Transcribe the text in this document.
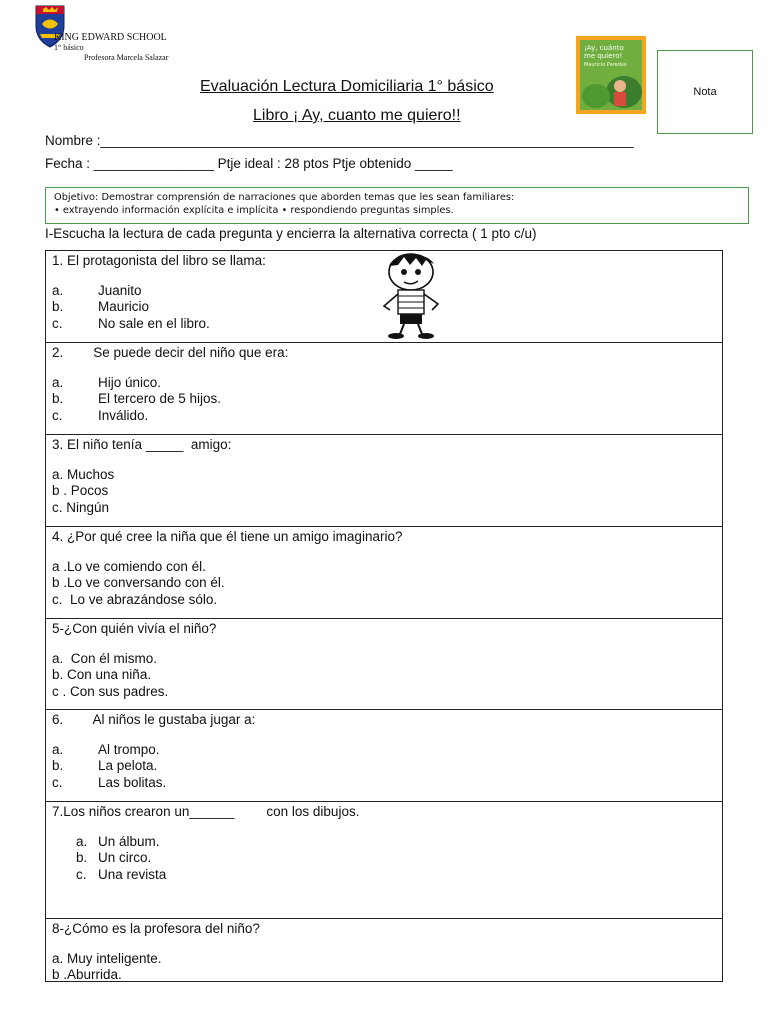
KING EDWARD SCHOOL
1° básico
Profesora Marcela Salazar
Evaluación Lectura Domiciliaria 1° básico
Libro ¡ Ay, cuanto me quiero!!
¡Ay, cuánto
me quiero!
Mauricio Paredes
Nota
Nombre :_______________________________________________________________________
Fecha : ________________ Ptje ideal : 28 ptos Ptje obtenido _____
Objetivo: Demostrar comprensión de narraciones que aborden temas que les sean familiares:
• extrayendo información explícita e implícita • respondiendo preguntas simples.
I-Escucha la lectura de cada pregunta y encierra la alternativa correcta ( 1 pto c/u)
1. El protagonista del libro se llama:
a.	Juanito
b.	Mauricio
c.	No sale en el libro.
2.        Se puede decir del niño que era:
a.	Hijo único.
b.	El tercero de 5 hijos.
c.	Inválido.
3. El niño tenía _____  amigo:
a. Muchos
b . Pocos
c. Ningún
4. ¿Por qué cree la niña que él tiene un amigo imaginario?
a .Lo ve comiendo con él.
b .Lo ve conversando con él.
c.  Lo ve abrazándose sólo.
5-¿Con quién vivía el niño?
a.  Con él mismo.
b. Con una niña.
c . Con sus padres.
6.        Al niños le gustaba jugar a:
a.	Al trompo.
b.	La pelota.
c.	Las bolitas.
7.Los niños crearon un______ con los dibujos.
a. Un álbum.
b. Un circo.
c. Una revista
8-¿Cómo es la profesora del niño?
a. Muy inteligente.
b .Aburrida.
